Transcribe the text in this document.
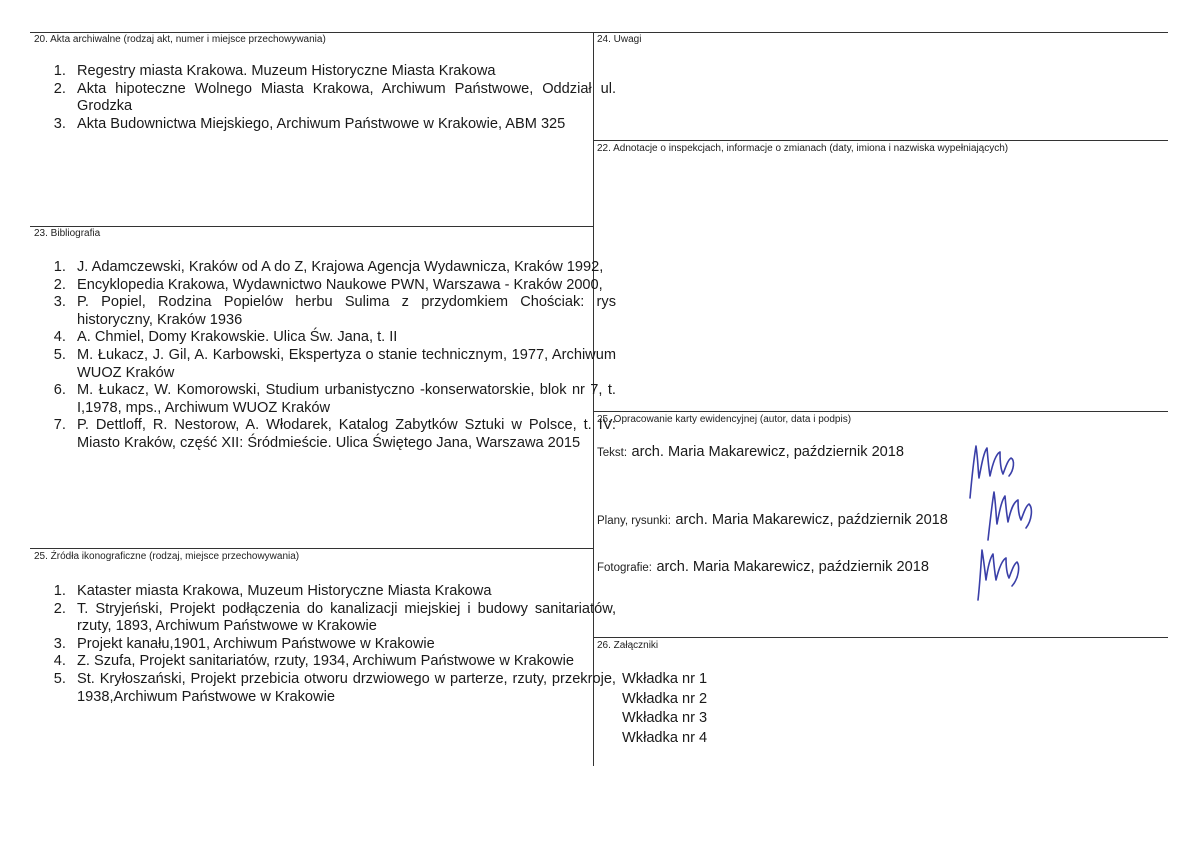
20. Akta archiwalne (rodzaj akt, numer i miejsce przechowywania)
1. Regestry miasta Krakowa. Muzeum Historyczne Miasta Krakowa
2. Akta hipoteczne Wolnego Miasta Krakowa, Archiwum Państwowe, Oddział ul. Grodzka
3. Akta Budownictwa Miejskiego, Archiwum Państwowe w Krakowie, ABM 325
23. Bibliografia
1. J. Adamczewski, Kraków od A do Z, Krajowa Agencja Wydawnicza, Kraków 1992,
2. Encyklopedia Krakowa, Wydawnictwo Naukowe PWN, Warszawa - Kraków 2000,
3. P. Popiel, Rodzina Popielów herbu Sulima z przydomkiem Chościak: rys historyczny, Kraków 1936
4. A. Chmiel, Domy Krakowskie. Ulica Św. Jana, t. II
5. M. Łukacz, J. Gil, A. Karbowski, Ekspertyza o stanie technicznym, 1977, Archiwum WUOZ Kraków
6. M. Łukacz, W. Komorowski, Studium urbanistyczno -konserwatorskie, blok nr 7, t. I,1978, mps., Archiwum WUOZ Kraków
7. P. Dettloff, R. Nestorow, A. Włodarek, Katalog Zabytków Sztuki w Polsce, t. IV: Miasto Kraków, część XII: Śródmieście. Ulica Świętego Jana, Warszawa 2015
25. Źródła ikonograficzne (rodzaj, miejsce przechowywania)
1. Kataster miasta Krakowa, Muzeum Historyczne Miasta Krakowa
2. T. Stryjeński, Projekt podłączenia do kanalizacji miejskiej i budowy sanitariatów, rzuty, 1893, Archiwum Państwowe w Krakowie
3. Projekt kanału,1901, Archiwum Państwowe w Krakowie
4. Z. Szufa, Projekt sanitariatów, rzuty, 1934, Archiwum Państwowe w Krakowie
5. St. Kryłoszański, Projekt przebicia otworu drzwiowego w parterze, rzuty, przekroje, 1938,Archiwum Państwowe w Krakowie
24. Uwagi
22. Adnotacje o inspekcjach, informacje o zmianach (daty, imiona i nazwiska wypełniających)
25. Opracowanie karty ewidencyjnej (autor, data i podpis)
Tekst: arch. Maria Makarewicz, październik 2018
Plany, rysunki: arch. Maria Makarewicz, październik 2018
Fotografie: arch. Maria Makarewicz, październik 2018
26. Załączniki
Wkładka nr 1
Wkładka nr 2
Wkładka nr 3
Wkładka nr 4
